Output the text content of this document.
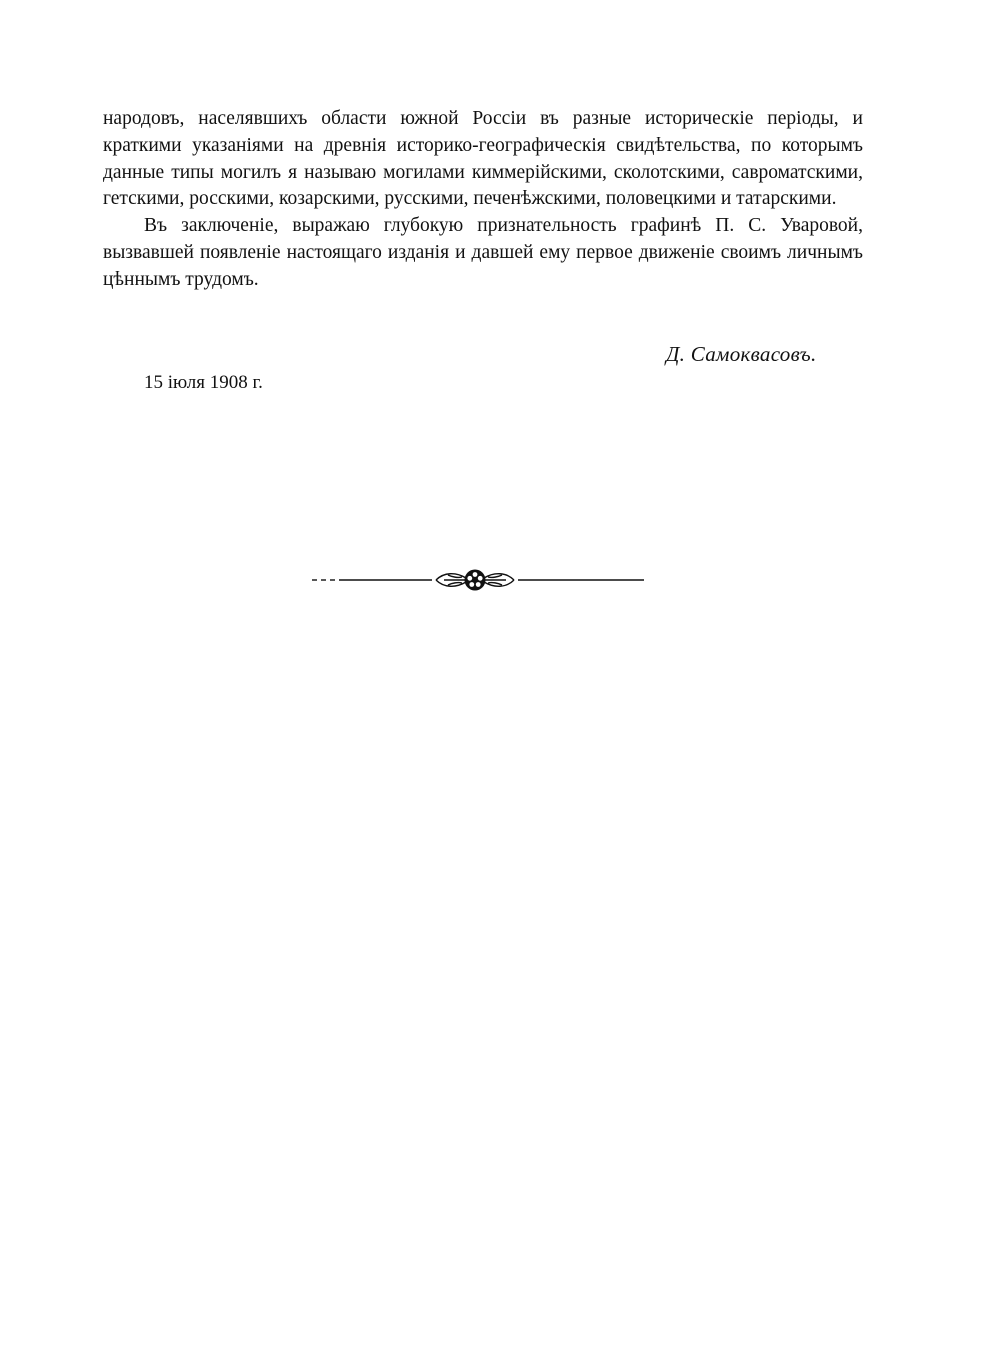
народовъ, населявшихъ области южной Россiи въ разные историческiе перiоды, и краткими указанiями на древнiя историко-географическiя свидѣтельства, по которымъ данные типы могилъ я называю могилами киммерiйскими, сколотскими, савроматскими, гетскими, росскими, козарскими, русскими, печенѣжскими, половецкими и татарскими.

Въ заключенiе, выражаю глубокую признательность графинѣ П. С. Уваровой, вызвавшей появленiе настоящаго изданiя и давшей ему первое движенiе своимъ личнымъ цѣннымъ трудомъ.

Д. Самоквасовъ.
15 iюля 1908 г.
